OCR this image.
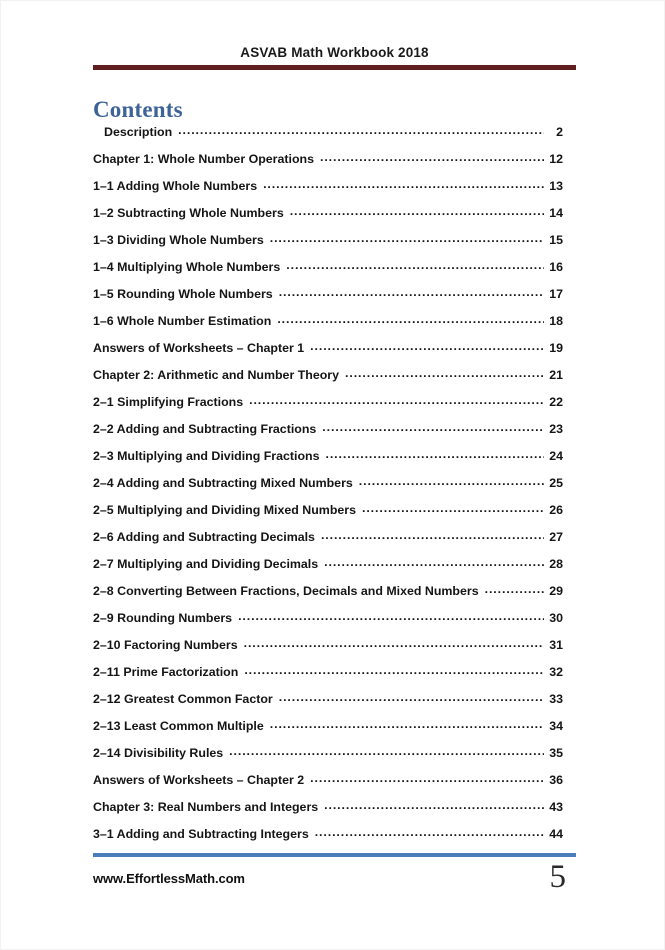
ASVAB Math Workbook 2018
Contents
Description .....	2
Chapter 1: Whole Number Operations .....	12
1–1 Adding Whole Numbers .....	13
1–2 Subtracting Whole Numbers .....	14
1–3 Dividing Whole Numbers .....	15
1–4 Multiplying Whole Numbers .....	16
1–5 Rounding Whole Numbers .....	17
1–6 Whole Number Estimation .....	18
Answers of Worksheets – Chapter 1 .....	19
Chapter 2: Arithmetic and Number Theory .....	21
2–1 Simplifying Fractions .....	22
2–2 Adding and Subtracting Fractions .....	23
2–3 Multiplying and Dividing Fractions .....	24
2–4 Adding and Subtracting Mixed Numbers .....	25
2–5 Multiplying and Dividing Mixed Numbers .....	26
2–6 Adding and Subtracting Decimals .....	27
2–7 Multiplying and Dividing Decimals .....	28
2–8 Converting Between Fractions, Decimals and Mixed Numbers .....	29
2–9 Rounding Numbers .....	30
2–10 Factoring Numbers .....	31
2–11 Prime Factorization .....	32
2–12 Greatest Common Factor .....	33
2–13 Least Common Multiple .....	34
2–14 Divisibility Rules .....	35
Answers of Worksheets – Chapter 2 .....	36
Chapter 3: Real Numbers and Integers .....	43
3–1 Adding and Subtracting Integers .....	44
www.EffortlessMath.com	5
